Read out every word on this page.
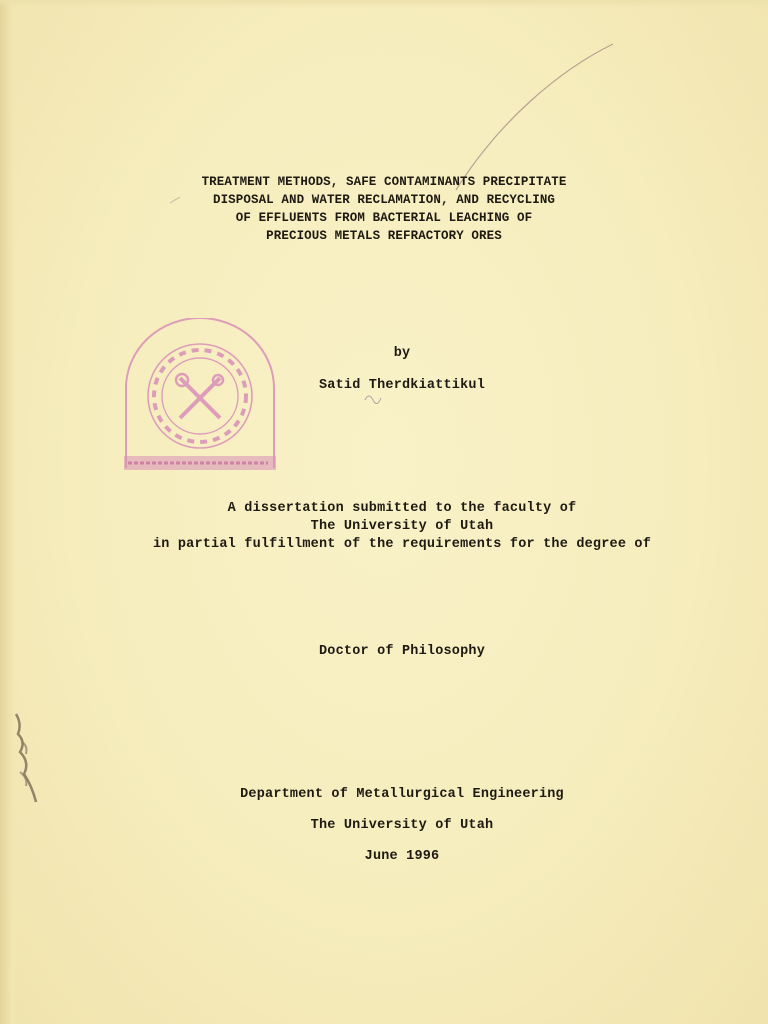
TREATMENT METHODS, SAFE CONTAMINANTS PRECIPITATE
DISPOSAL AND WATER RECLAMATION, AND RECYCLING
OF EFFLUENTS FROM BACTERIAL LEACHING OF
PRECIOUS METALS REFRACTORY ORES
by
Satid Therdkiattikul
A dissertation submitted to the faculty of
The University of Utah
in partial fulfillment of the requirements for the degree of
Doctor of Philosophy
Department of Metallurgical Engineering
The University of Utah
June 1996
